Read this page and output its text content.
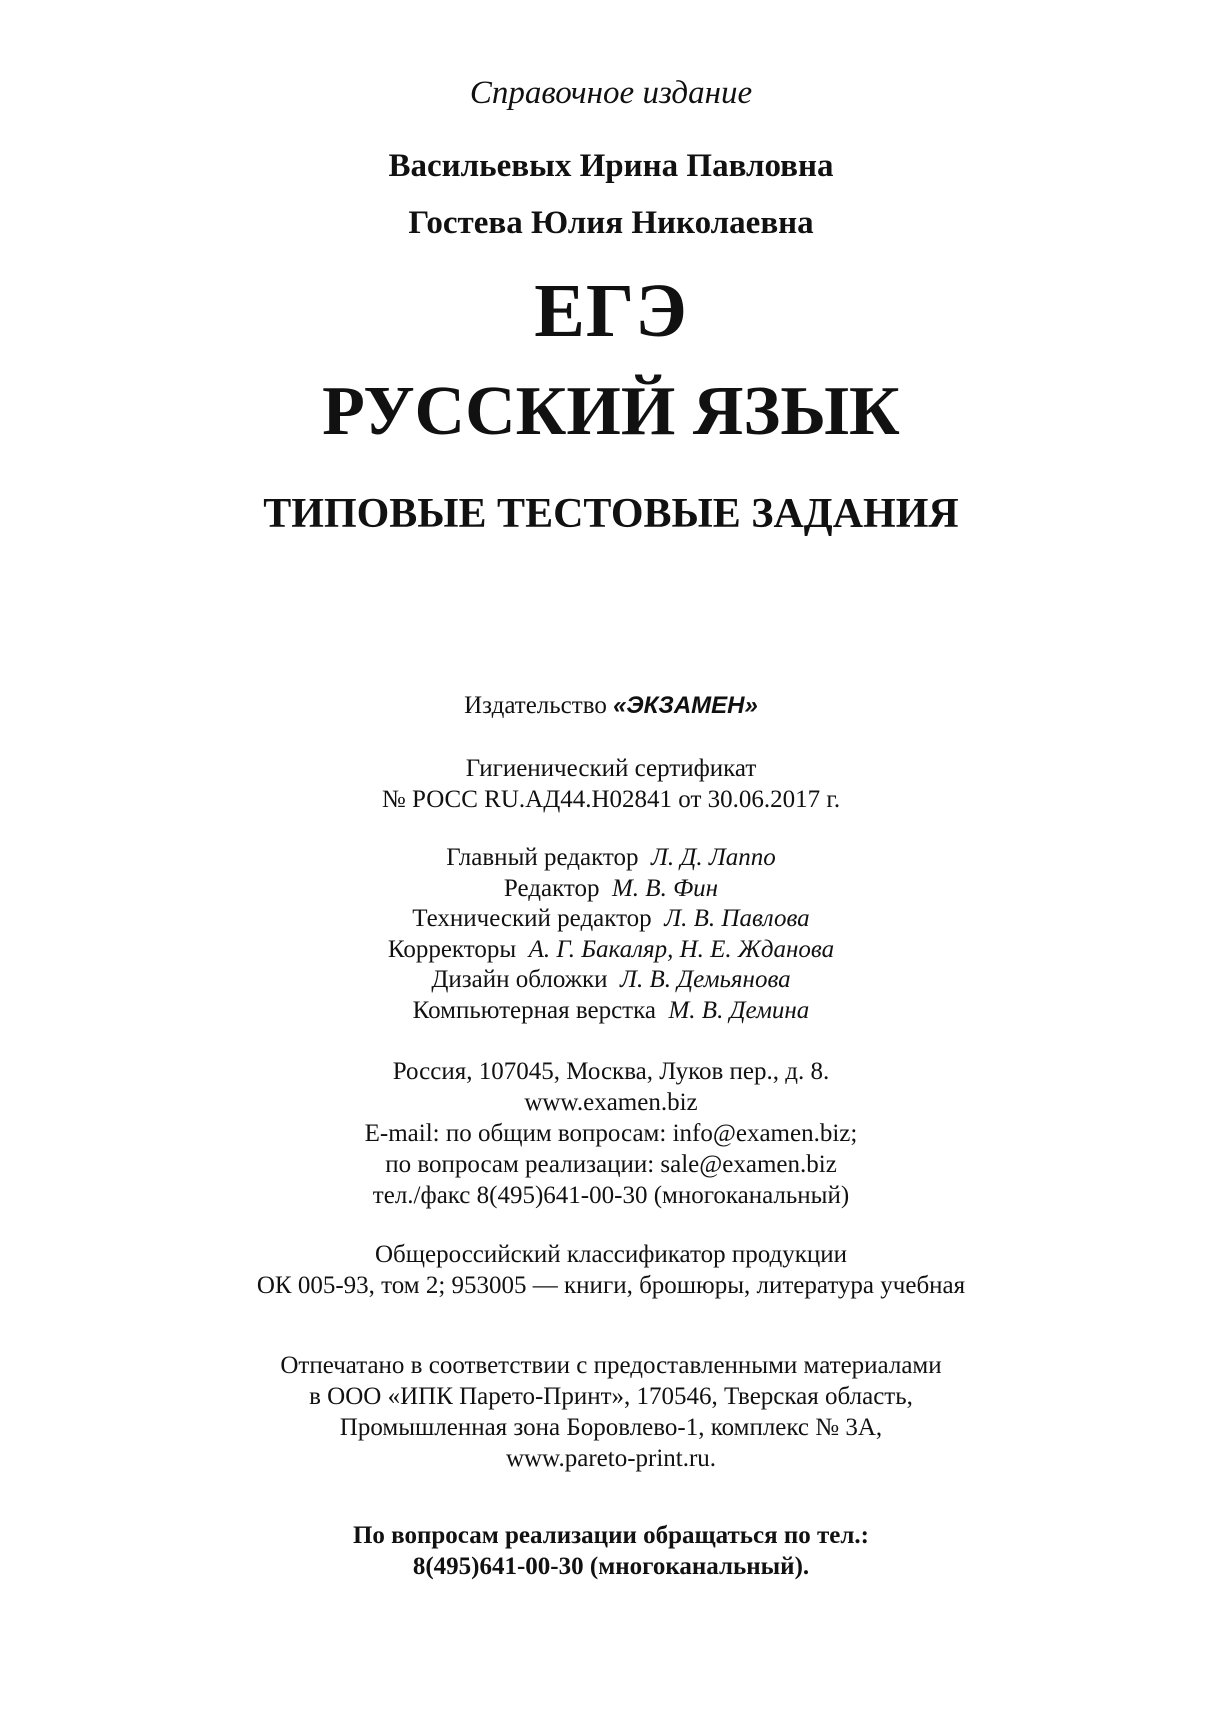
Справочное издание
Васильевых Ирина Павловна
Гостева Юлия Николаевна
ЕГЭ
РУССКИЙ ЯЗЫК
ТИПОВЫЕ ТЕСТОВЫЕ ЗАДАНИЯ
Издательство «ЭКЗАМЕН»
Гигиенический сертификат
№ РОСС RU.АД44.Н02841 от 30.06.2017 г.
Главный редактор Л. Д. Лаппо
Редактор М. В. Фин
Технический редактор Л. В. Павлова
Корректоры А. Г. Бакаляр, Н. Е. Жданова
Дизайн обложки Л. В. Демьянова
Компьютерная верстка М. В. Демина
Россия, 107045, Москва, Луков пер., д. 8.
www.examen.biz
E-mail: по общим вопросам: info@examen.biz;
по вопросам реализации: sale@examen.biz
тел./факс 8(495)641-00-30 (многоканальный)
Общероссийский классификатор продукции
ОК 005-93, том 2; 953005 — книги, брошюры, литература учебная
Отпечатано в соответствии с предоставленными материалами
в ООО «ИПК Парето-Принт», 170546, Тверская область,
Промышленная зона Боровлево-1, комплекс № 3А,
www.pareto-print.ru.
По вопросам реализации обращаться по тел.:
8(495)641-00-30 (многоканальный).
